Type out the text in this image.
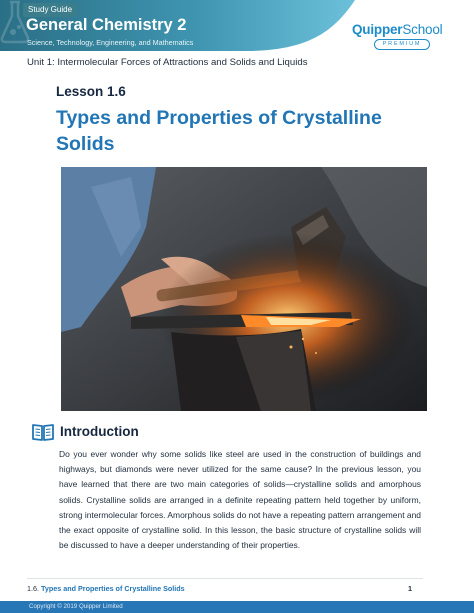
Study Guide
General Chemistry 2
Science, Technology, Engineering, and Mathematics
QuipperSchool
PREMIUM
Unit 1: Intermolecular Forces of Attractions and Solids and Liquids
Lesson 1.6
Types and Properties of Crystalline Solids
Introduction

Do you ever wonder why some solids like steel are used in the construction of buildings and highways, but diamonds were never utilized for the same cause? In the previous lesson, you have learned that there are two main categories of solids—crystalline solids and amorphous solids. Crystalline solids are arranged in a definite repeating pattern held together by uniform, strong intermolecular forces. Amorphous solids do not have a repeating pattern arrangement and the exact opposite of crystalline solid. In this lesson, the basic structure of crystalline solids will be discussed to have a deeper understanding of their properties.

1.6. Types and Properties of Crystalline Solids	1
Copyright © 2019 Quipper Limited
